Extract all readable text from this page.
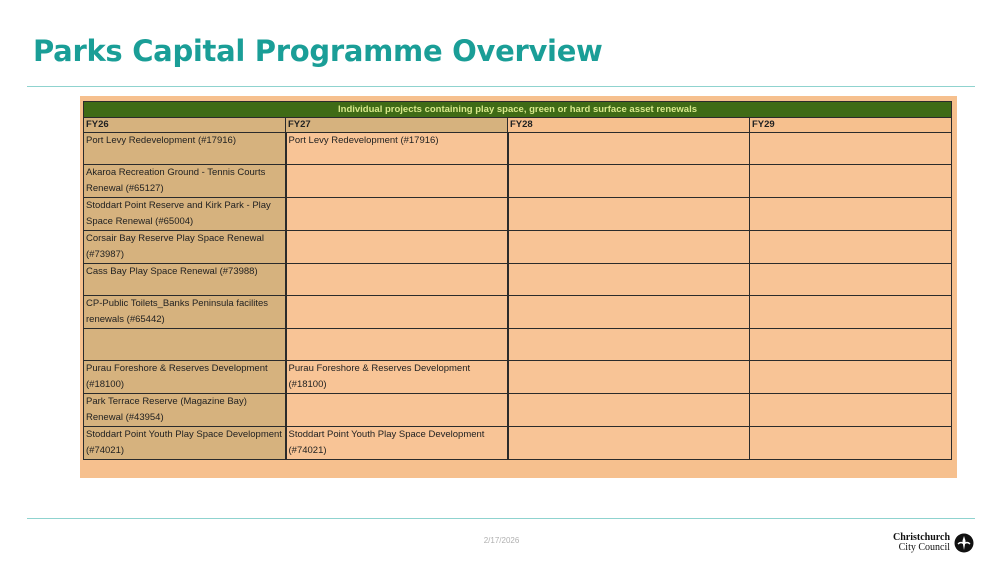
Parks Capital Programme Overview
Individual projects containing play space, green or hard surface asset renewals			
FY26	FY27	FY28	FY29
Port Levy Redevelopment (#17916)	Port Levy Redevelopment (#17916)		
Akaroa Recreation Ground - Tennis Courts Renewal (#65127)			
Stoddart Point Reserve and Kirk Park - Play Space Renewal (#65004)			
Corsair Bay Reserve Play Space Renewal (#73987)			
Cass Bay Play Space Renewal (#73988)			
CP-Public Toilets_Banks Peninsula facilites renewals (#65442)			

Purau Foreshore & Reserves Development (#18100)	Purau Foreshore & Reserves Development (#18100)		
Park Terrace Reserve (Magazine Bay) Renewal (#43954)			
Stoddart Point Youth Play Space Development (#74021)	Stoddart Point Youth Play Space Development (#74021)		
2/17/2026	Christchurch
City Council
